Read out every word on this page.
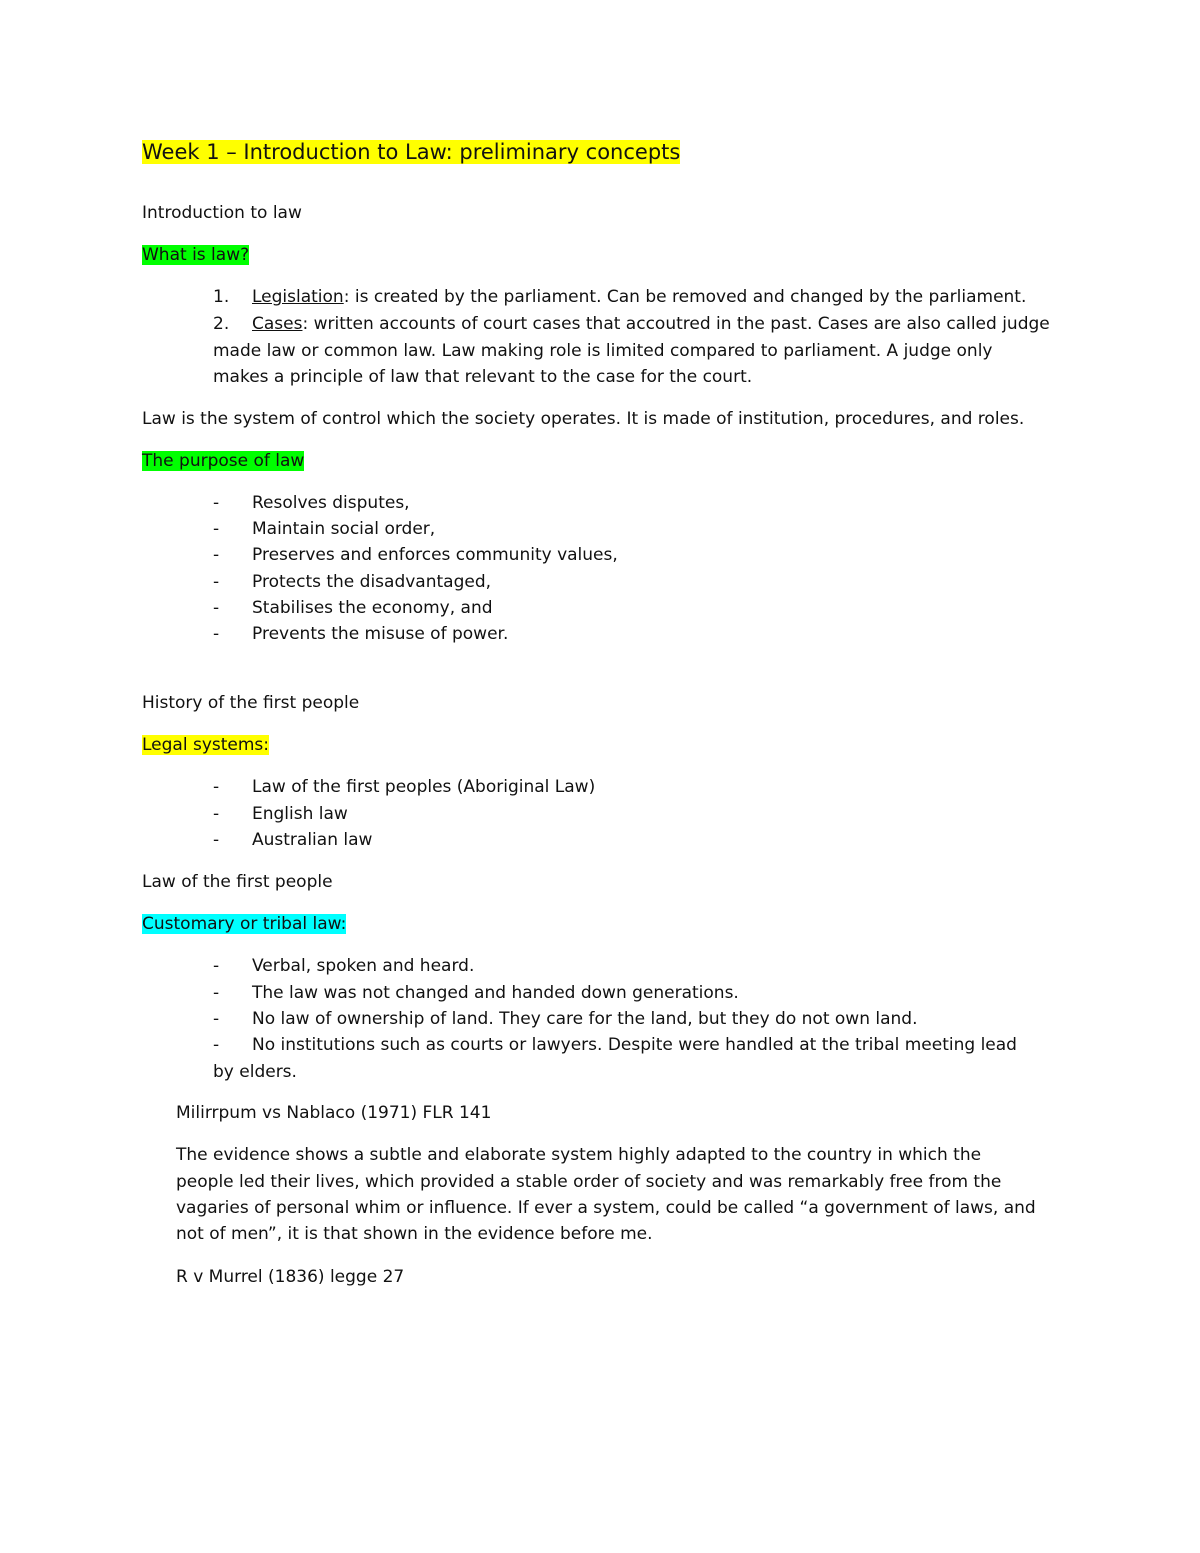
Week 1 – Introduction to Law: preliminary concepts
Introduction to law
What is law?
1. Legislation: is created by the parliament. Can be removed and changed by the parliament.
2. Cases: written accounts of court cases that accoutred in the past. Cases are also called judge
made law or common law. Law making role is limited compared to parliament. A judge only
makes a principle of law that relevant to the case for the court.
Law is the system of control which the society operates. It is made of institution, procedures, and roles.
The purpose of law
- Resolves disputes,
- Maintain social order,
- Preserves and enforces community values,
- Protects the disadvantaged,
- Stabilises the economy, and
- Prevents the misuse of power.
History of the first people
Legal systems:
- Law of the first peoples (Aboriginal Law)
- English law
- Australian law
Law of the first people
Customary or tribal law:
- Verbal, spoken and heard.
- The law was not changed and handed down generations.
- No law of ownership of land. They care for the land, but they do not own land.
- No institutions such as courts or lawyers. Despite were handled at the tribal meeting lead
by elders.
Milirrpum vs Nablaco (1971) FLR 141
The evidence shows a subtle and elaborate system highly adapted to the country in which the
people led their lives, which provided a stable order of society and was remarkably free from the
vagaries of personal whim or influence. If ever a system, could be called “a government of laws, and
not of men”, it is that shown in the evidence before me.
R v Murrel (1836) legge 27
